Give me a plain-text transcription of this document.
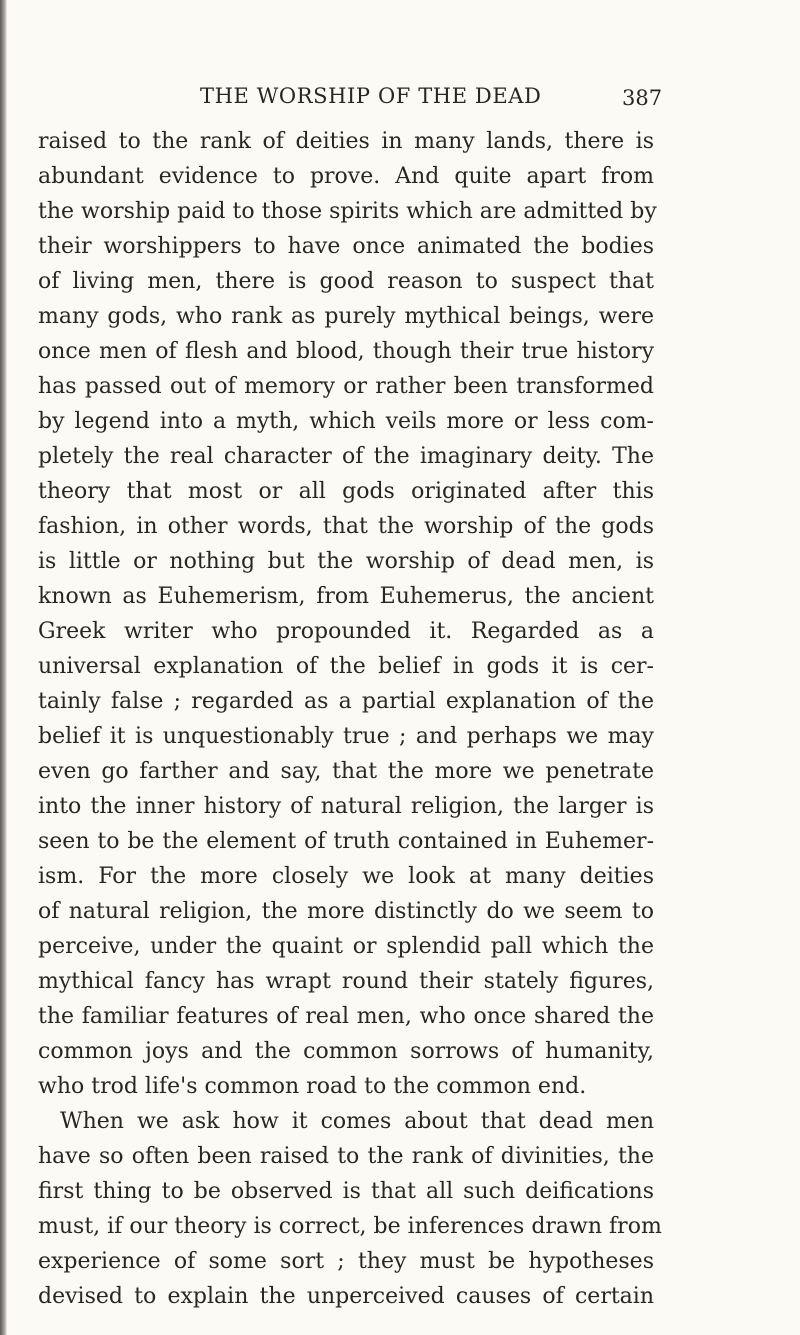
THE WORSHIP OF THE DEAD	387
raised to the rank of deities in many lands, there is
abundant evidence to prove. And quite apart from
the worship paid to those spirits which are admitted by
their worshippers to have once animated the bodies
of living men, there is good reason to suspect that
many gods, who rank as purely mythical beings, were
once men of flesh and blood, though their true history
has passed out of memory or rather been transformed
by legend into a myth, which veils more or less com-
pletely the real character of the imaginary deity. The
theory that most or all gods originated after this
fashion, in other words, that the worship of the gods
is little or nothing but the worship of dead men, is
known as Euhemerism, from Euhemerus, the ancient
Greek writer who propounded it. Regarded as a
universal explanation of the belief in gods it is cer-
tainly false ; regarded as a partial explanation of the
belief it is unquestionably true ; and perhaps we may
even go farther and say, that the more we penetrate
into the inner history of natural religion, the larger is
seen to be the element of truth contained in Euhemer-
ism. For the more closely we look at many deities
of natural religion, the more distinctly do we seem to
perceive, under the quaint or splendid pall which the
mythical fancy has wrapt round their stately figures,
the familiar features of real men, who once shared the
common joys and the common sorrows of humanity,
who trod life's common road to the common end.
When we ask how it comes about that dead men
have so often been raised to the rank of divinities, the
first thing to be observed is that all such deifications
must, if our theory is correct, be inferences drawn from
experience of some sort ; they must be hypotheses
devised to explain the unperceived causes of certain
